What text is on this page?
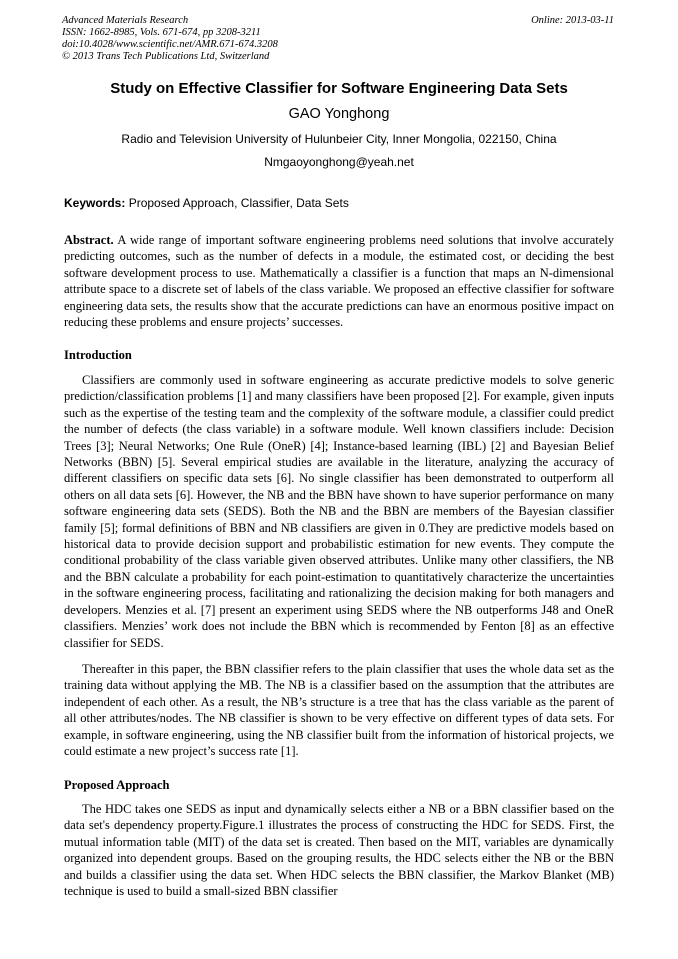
Advanced Materials Research
ISSN: 1662-8985, Vols. 671-674, pp 3208-3211
doi:10.4028/www.scientific.net/AMR.671-674.3208
© 2013 Trans Tech Publications Ltd, Switzerland
Online: 2013-03-11
Study on Effective Classifier for Software Engineering Data Sets
GAO Yonghong
Radio and Television University of Hulunbeier City, Inner Mongolia, 022150, China
Nmgaoyonghong@yeah.net
Keywords: Proposed Approach, Classifier, Data Sets

Abstract. A wide range of important software engineering problems need solutions that involve accurately predicting outcomes, such as the number of defects in a module, the estimated cost, or deciding the best software development process to use. Mathematically a classifier is a function that maps an N-dimensional attribute space to a discrete set of labels of the class variable. We proposed an effective classifier for software engineering data sets, the results show that the accurate predictions can have an enormous positive impact on reducing these problems and ensure projects’ successes.

Introduction

Classifiers are commonly used in software engineering as accurate predictive models to solve generic prediction/classification problems [1] and many classifiers have been proposed [2]. For example, given inputs such as the expertise of the testing team and the complexity of the software module, a classifier could predict the number of defects (the class variable) in a software module. Well known classifiers include: Decision Trees [3]; Neural Networks; One Rule (OneR) [4]; Instance-based learning (IBL) [2] and Bayesian Belief Networks (BBN) [5]. Several empirical studies are available in the literature, analyzing the accuracy of different classifiers on specific data sets [6]. No single classifier has been demonstrated to outperform all others on all data sets [6]. However, the NB and the BBN have shown to have superior performance on many software engineering data sets (SEDS). Both the NB and the BBN are members of the Bayesian classifier family [5]; formal definitions of BBN and NB classifiers are given in 0.They are predictive models based on historical data to provide decision support and probabilistic estimation for new events. They compute the conditional probability of the class variable given observed attributes. Unlike many other classifiers, the NB and the BBN calculate a probability for each point-estimation to quantitatively characterize the uncertainties in the software engineering process, facilitating and rationalizing the decision making for both managers and developers. Menzies et al. [7] present an experiment using SEDS where the NB outperforms J48 and OneR classifiers. Menzies’ work does not include the BBN which is recommended by Fenton [8] as an effective classifier for SEDS.

Thereafter in this paper, the BBN classifier refers to the plain classifier that uses the whole data set as the training data without applying the MB. The NB is a classifier based on the assumption that the attributes are independent of each other. As a result, the NB’s structure is a tree that has the class variable as the parent of all other attributes/nodes. The NB classifier is shown to be very effective on different types of data sets. For example, in software engineering, using the NB classifier built from the information of historical projects, we could estimate a new project’s success rate [1].

Proposed Approach

The HDC takes one SEDS as input and dynamically selects either a NB or a BBN classifier based on the data set's dependency property.Figure.1 illustrates the process of constructing the HDC for SEDS. First, the mutual information table (MIT) of the data set is created. Then based on the MIT, variables are dynamically organized into dependent groups. Based on the grouping results, the HDC selects either the NB or the BBN and builds a classifier using the data set. When HDC selects the BBN classifier, the Markov Blanket (MB) technique is used to build a small-sized BBN classifier
